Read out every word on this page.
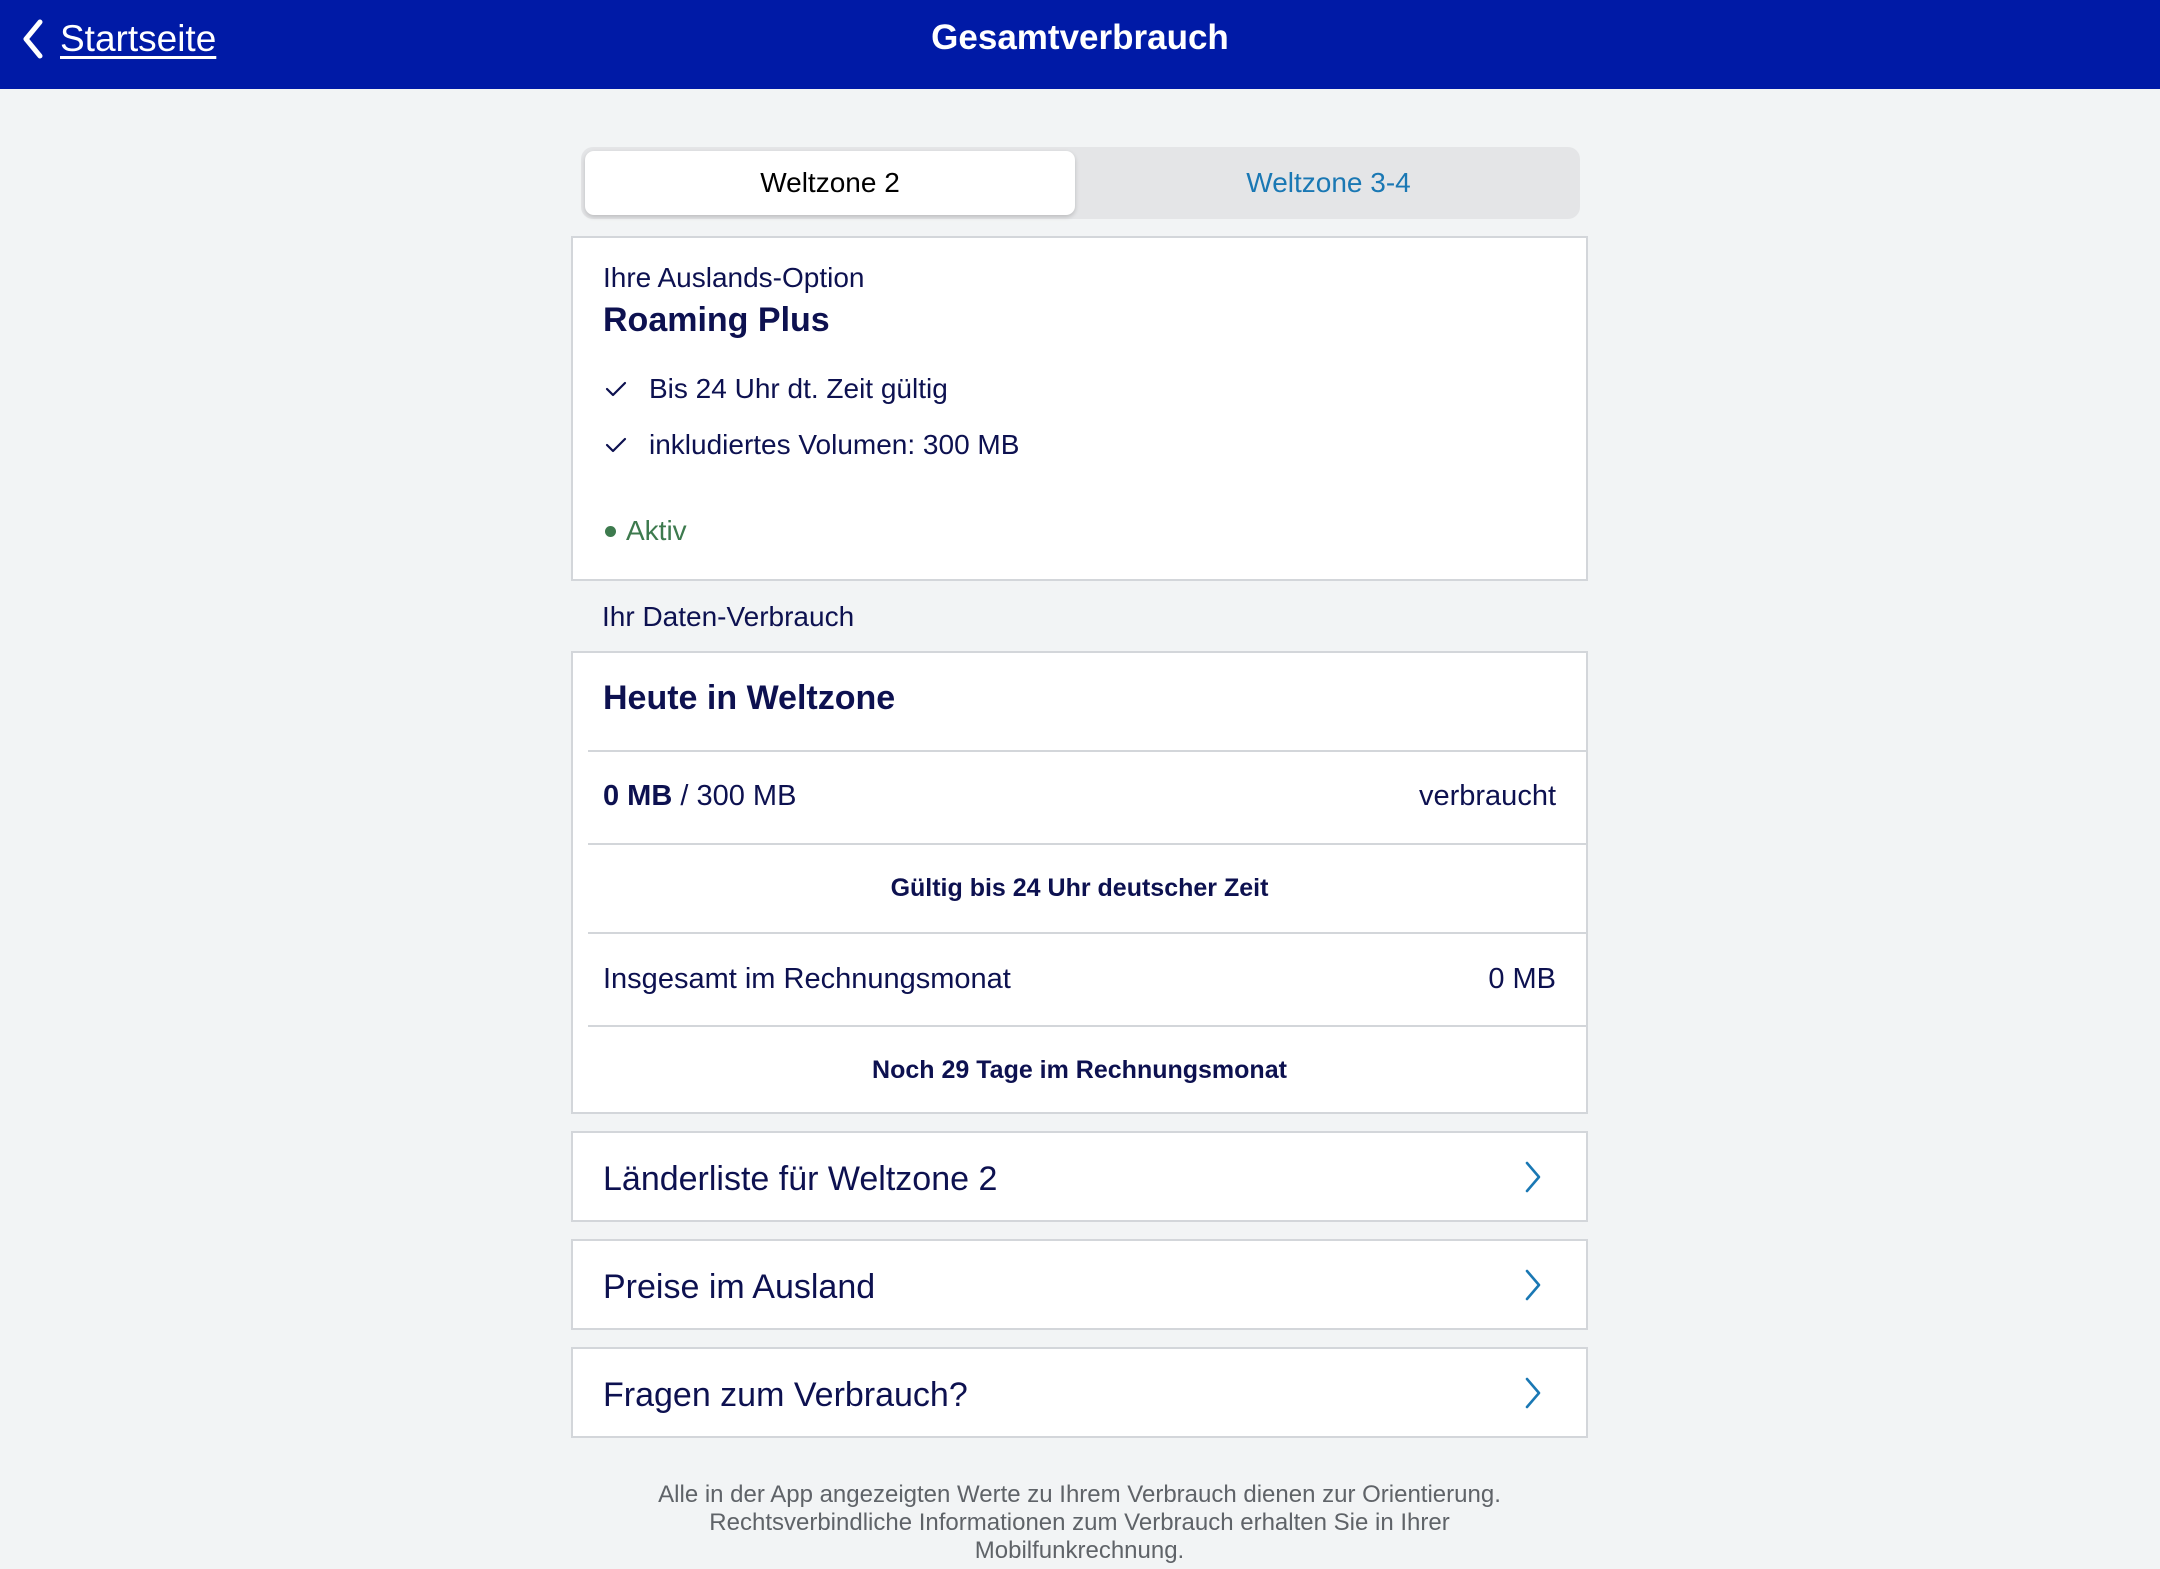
Startseite	Gesamtverbrauch
Weltzone 2	Weltzone 3-4
Ihre Auslands-Option
Roaming Plus
Bis 24 Uhr dt. Zeit gültig
inkludiertes Volumen: 300 MB
Aktiv
Ihr Daten-Verbrauch
Heute in Weltzone
0 MB / 300 MB	verbraucht
Gültig bis 24 Uhr deutscher Zeit
Insgesamt im Rechnungsmonat	0 MB
Noch 29 Tage im Rechnungsmonat
Länderliste für Weltzone 2
Preise im Ausland
Fragen zum Verbrauch?
Alle in der App angezeigten Werte zu Ihrem Verbrauch dienen zur Orientierung.
Rechtsverbindliche Informationen zum Verbrauch erhalten Sie in Ihrer
Mobilfunkrechnung.
